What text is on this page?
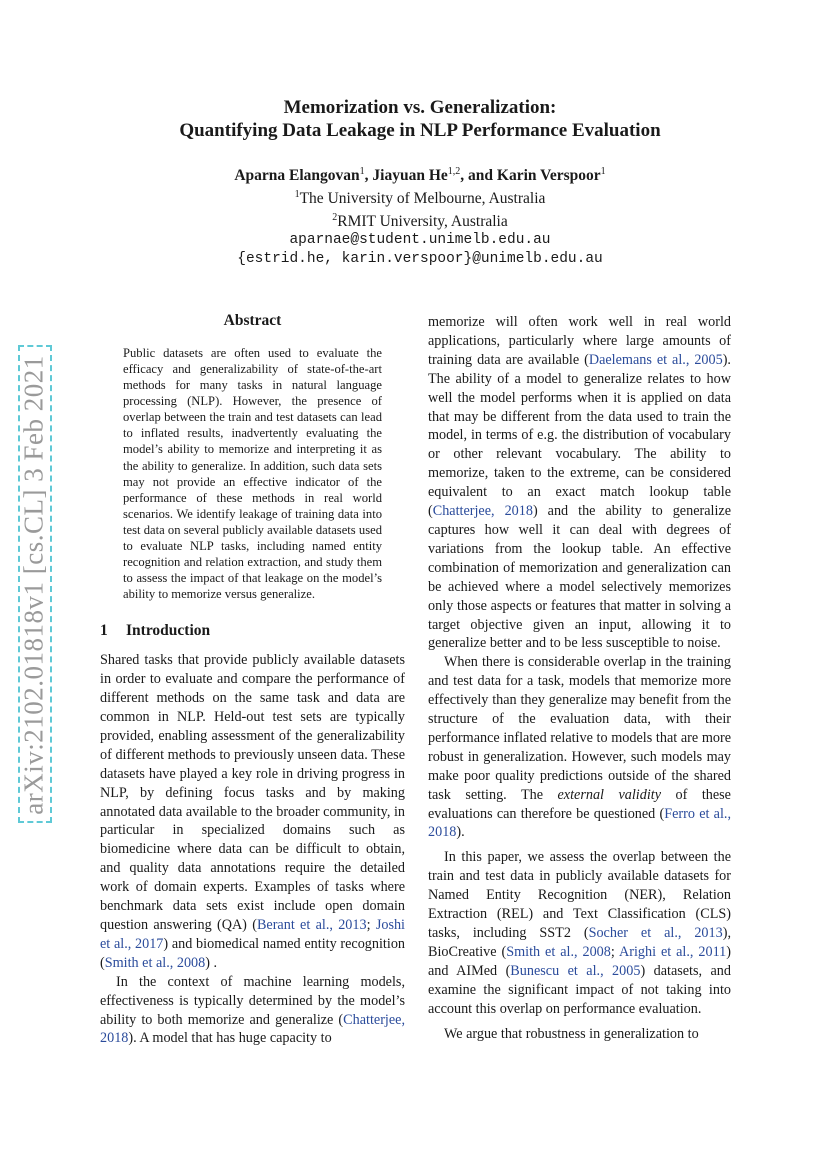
arXiv:2102.01818v1 [cs.CL] 3 Feb 2021
Memorization vs. Generalization:
Quantifying Data Leakage in NLP Performance Evaluation
Aparna Elangovan$^1$, Jiayuan He$^{1,2}$, and Karin Verspoor$^1$
$^1$The University of Melbourne, Australia
$^2$RMIT University, Australia
aparnae@student.unimelb.edu.au
{estrid.he, karin.verspoor}@unimelb.edu.au
Abstract
Public datasets are often used to evaluate the efficacy and generalizability of state-of-the-art methods for many tasks in natural language processing (NLP). However, the presence of overlap between the train and test datasets can lead to inflated results, inadvertently evaluating the model’s ability to memorize and interpreting it as the ability to generalize. In addition, such data sets may not provide an effective indicator of the performance of these methods in real world scenarios. We identify leakage of training data into test data on several publicly available datasets used to evaluate NLP tasks, including named entity recognition and relation extraction, and study them to assess the impact of that leakage on the model’s ability to memorize versus generalize.
1 Introduction

Shared tasks that provide publicly available datasets in order to evaluate and compare the performance of different methods on the same task and data are common in NLP. Held-out test sets are typically provided, enabling assessment of the generalizability of different methods to previously unseen data. These datasets have played a key role in driving progress in NLP, by defining focus tasks and by making annotated data available to the broader community, in particular in specialized domains such as biomedicine where data can be difficult to obtain, and quality data annotations require the detailed work of domain experts. Examples of tasks where benchmark data sets exist include open domain question answering (QA) (Berant et al., 2013; Joshi et al., 2017) and biomedical named entity recognition (Smith et al., 2008) .

In the context of machine learning models, effectiveness is typically determined by the model’s ability to both memorize and generalize (Chatterjee, 2018). A model that has huge capacity to

memorize will often work well in real world applications, particularly where large amounts of training data are available (Daelemans et al., 2005). The ability of a model to generalize relates to how well the model performs when it is applied on data that may be different from the data used to train the model, in terms of e.g. the distribution of vocabulary or other relevant vocabulary. The ability to memorize, taken to the extreme, can be considered equivalent to an exact match lookup table (Chatterjee, 2018) and the ability to generalize captures how well it can deal with degrees of variations from the lookup table. An effective combination of memorization and generalization can be achieved where a model selectively memorizes only those aspects or features that matter in solving a target objective given an input, allowing it to generalize better and to be less susceptible to noise.

When there is considerable overlap in the training and test data for a task, models that memorize more effectively than they generalize may benefit from the structure of the evaluation data, with their performance inflated relative to models that are more robust in generalization. However, such models may make poor quality predictions outside of the shared task setting. The external validity of these evaluations can therefore be questioned (Ferro et al., 2018).

In this paper, we assess the overlap between the train and test data in publicly available datasets for Named Entity Recognition (NER), Relation Extraction (REL) and Text Classification (CLS) tasks, including SST2 (Socher et al., 2013), BioCreative (Smith et al., 2008; Arighi et al., 2011) and AIMed (Bunescu et al., 2005) datasets, and examine the significant impact of not taking into account this overlap on performance evaluation.

We argue that robustness in generalization to
